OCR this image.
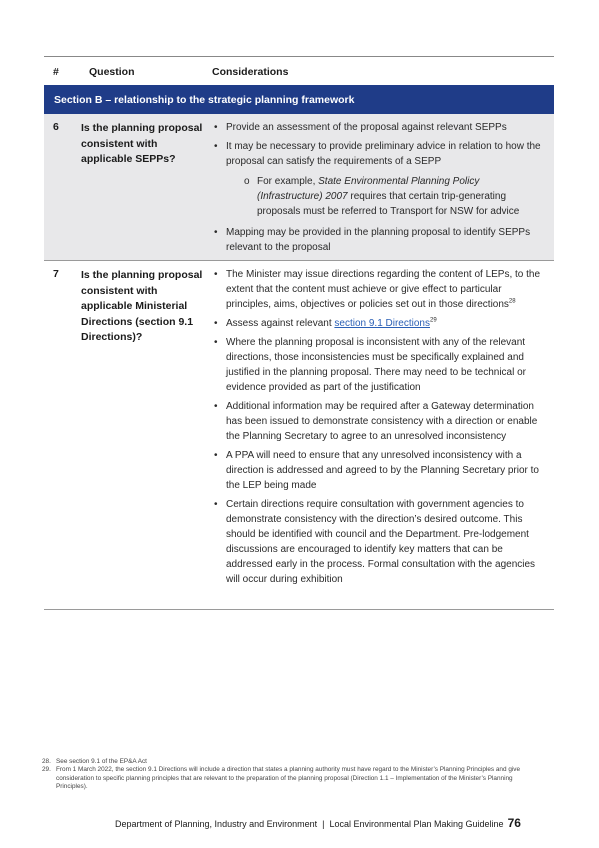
#	Question	Considerations
Section B – relationship to the strategic planning framework
6 Is the planning proposal consistent with applicable SEPPs?
• Provide an assessment of the proposal against relevant SEPPs
• It may be necessary to provide preliminary advice in relation to how the proposal can satisfy the requirements of a SEPP
o For example, State Environmental Planning Policy (Infrastructure) 2007 requires that certain trip-generating proposals must be referred to Transport for NSW for advice
• Mapping may be provided in the planning proposal to identify SEPPs relevant to the proposal
7 Is the planning proposal consistent with applicable Ministerial Directions (section 9.1 Directions)?
• The Minister may issue directions regarding the content of LEPs, to the extent that the content must achieve or give effect to particular principles, aims, objectives or policies set out in those directions$^{28}$
• Assess against relevant section 9.1 Directions$^{29}$
• Where the planning proposal is inconsistent with any of the relevant directions, those inconsistencies must be specifically explained and justified in the planning proposal. There may need to be technical or evidence provided as part of the justification
• Additional information may be required after a Gateway determination has been issued to demonstrate consistency with a direction or enable the Planning Secretary to agree to an unresolved inconsistency
• A PPA will need to ensure that any unresolved inconsistency with a direction is addressed and agreed to by the Planning Secretary prior to the LEP being made
• Certain directions require consultation with government agencies to demonstrate consistency with the direction’s desired outcome. This should be identified with council and the Department. Pre-lodgement discussions are encouraged to identify key matters that can be addressed early in the process. Formal consultation with the agencies will occur during exhibition
28. See section 9.1 of the EP&A Act
29. From 1 March 2022, the section 9.1 Directions will include a direction that states a planning authority must have regard to the Minister’s Planning Principles and give consideration to specific planning principles that are relevant to the preparation of the planning proposal (Direction 1.1 – Implementation of the Minister’s Planning Principles).
Department of Planning, Industry and Environment  |  Local Environmental Plan Making Guideline 76
